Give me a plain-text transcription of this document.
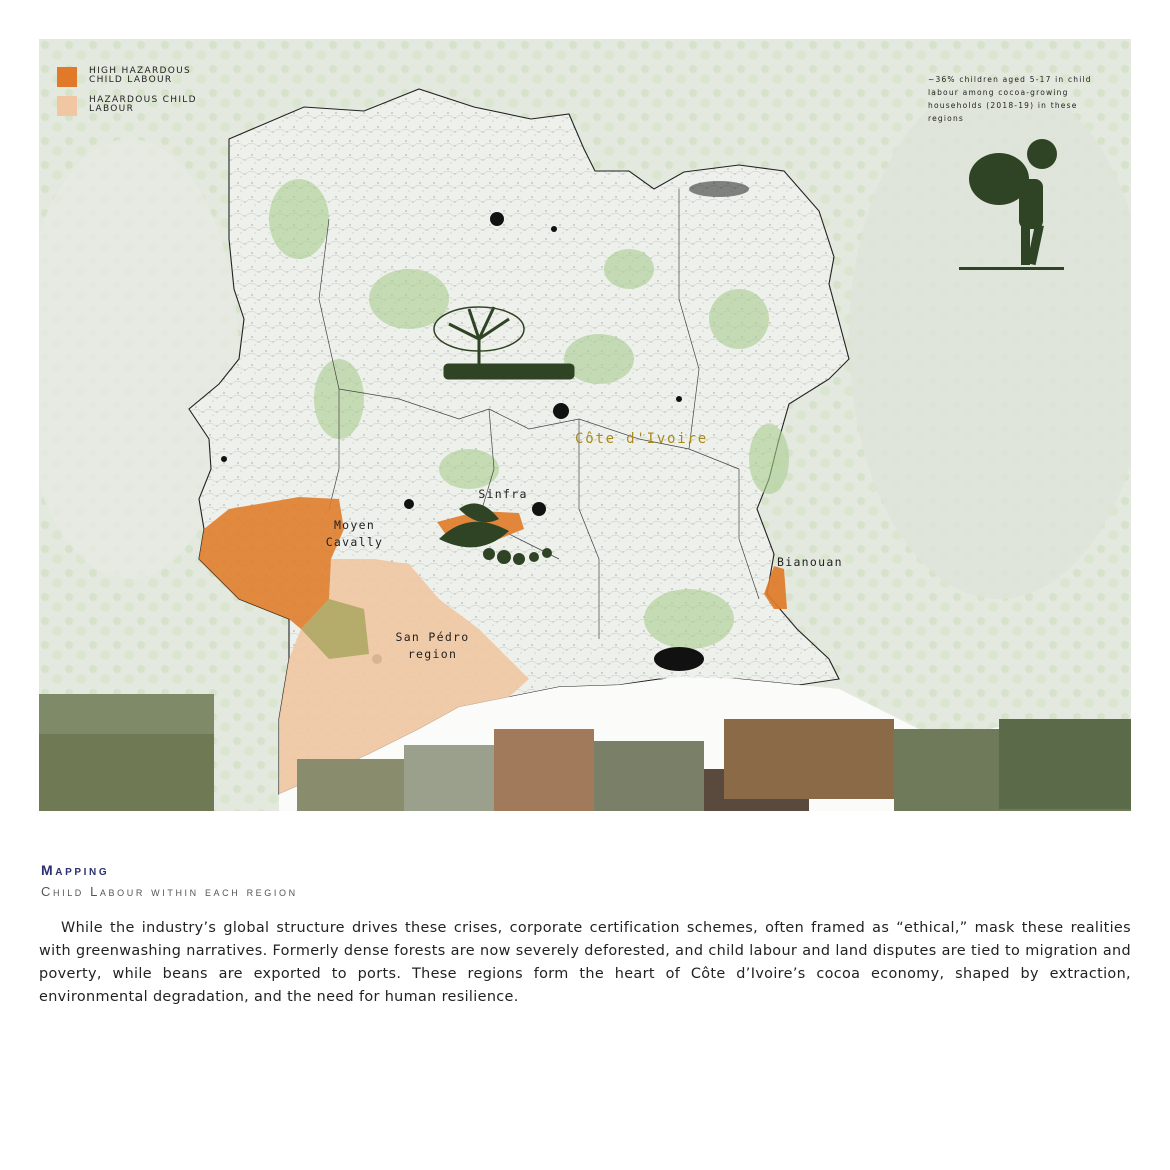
HIGH HAZARDOUS CHILD LABOUR
HAZARDOUS CHILD LABOUR
~36% children aged 5-17 in child labour among cocoa-growing households (2018-19) in these regions
Côte d'Ivoire
Sinfra
Moyen Cavally
Bianouan
San Pédro region
Mapping
Child Labour within each region

While the industry’s global structure drives these crises, corporate certification schemes, often framed as “ethical,” mask these realities with greenwashing narratives. Formerly dense forests are now severely deforested, and child labour and land disputes are tied to migration and poverty, while beans are exported to ports. These regions form the heart of Côte d’Ivoire’s cocoa economy, shaped by extraction, environmental degradation, and the need for human resilience.
